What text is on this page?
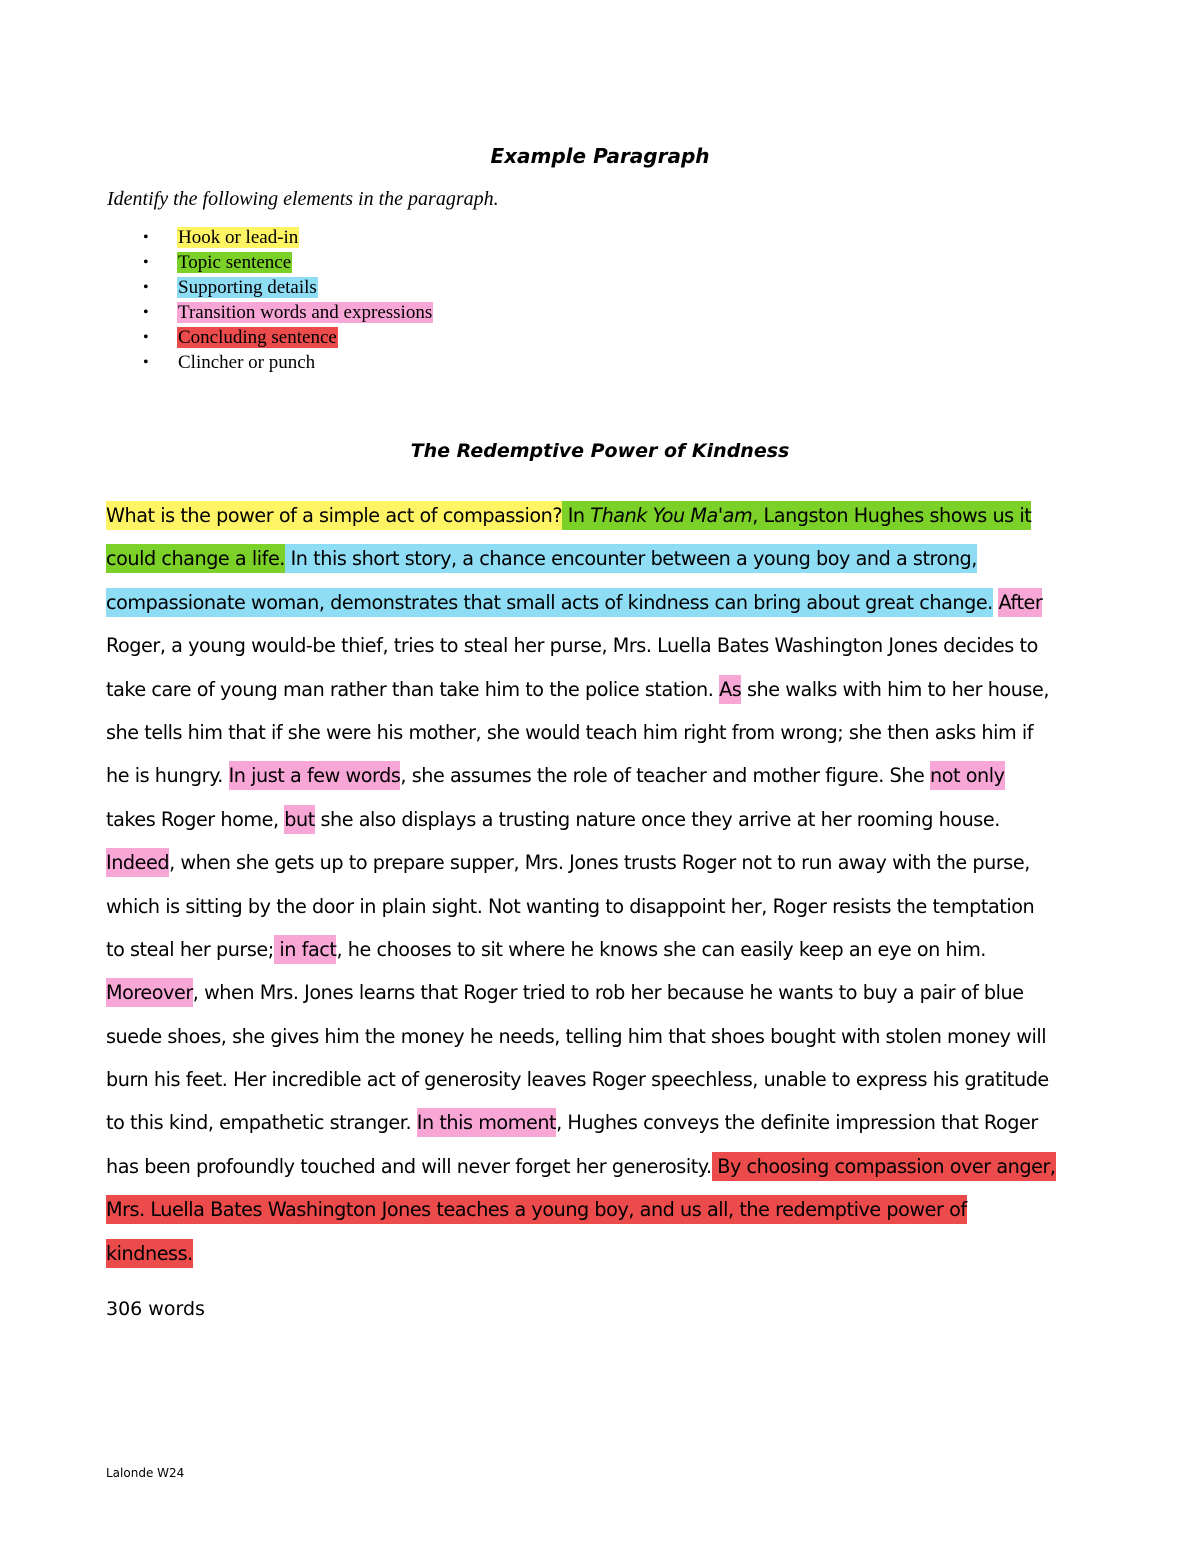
Example Paragraph
Identify the following elements in the paragraph.
• Hook or lead-in
• Topic sentence
• Supporting details
• Transition words and expressions
• Concluding sentence
• Clincher or punch
The Redemptive Power of Kindness
What is the power of a simple act of compassion? In Thank You Ma'am, Langston Hughes shows us it
could change a life. In this short story, a chance encounter between a young boy and a strong,
compassionate woman, demonstrates that small acts of kindness can bring about great change. After
Roger, a young would-be thief, tries to steal her purse, Mrs. Luella Bates Washington Jones decides to
take care of young man rather than take him to the police station. As she walks with him to her house,
she tells him that if she were his mother, she would teach him right from wrong; she then asks him if
he is hungry. In just a few words, she assumes the role of teacher and mother figure. She not only
takes Roger home, but she also displays a trusting nature once they arrive at her rooming house.
Indeed, when she gets up to prepare supper, Mrs. Jones trusts Roger not to run away with the purse,
which is sitting by the door in plain sight. Not wanting to disappoint her, Roger resists the temptation
to steal her purse; in fact, he chooses to sit where he knows she can easily keep an eye on him.
Moreover, when Mrs. Jones learns that Roger tried to rob her because he wants to buy a pair of blue
suede shoes, she gives him the money he needs, telling him that shoes bought with stolen money will
burn his feet. Her incredible act of generosity leaves Roger speechless, unable to express his gratitude
to this kind, empathetic stranger. In this moment, Hughes conveys the definite impression that Roger
has been profoundly touched and will never forget her generosity. By choosing compassion over anger,
Mrs. Luella Bates Washington Jones teaches a young boy, and us all, the redemptive power of
kindness.
306 words
Lalonde W24
